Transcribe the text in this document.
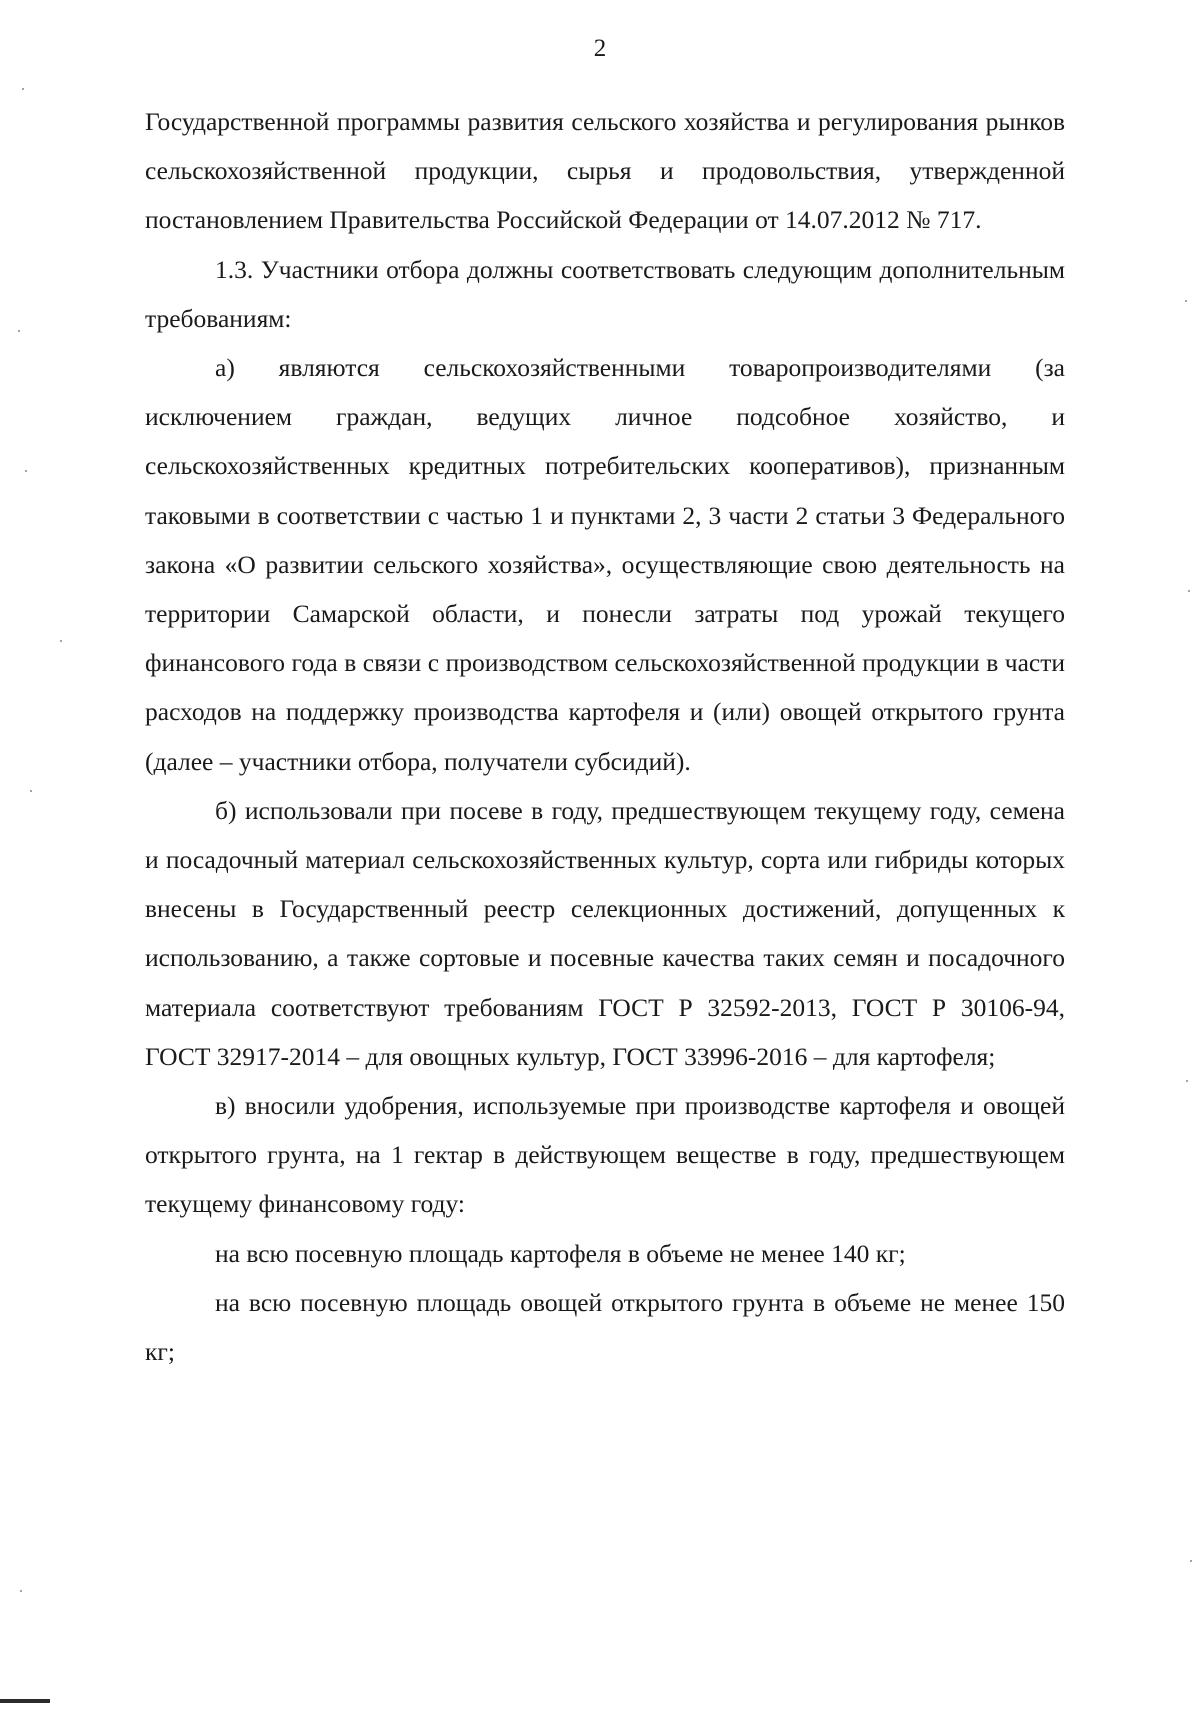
2

Государственной программы развития сельского хозяйства и регулирования рынков сельскохозяйственной продукции, сырья и продовольствия, утвержденной постановлением Правительства Российской Федерации от 14.07.2012 № 717.

1.3. Участники отбора должны соответствовать следующим дополнительным требованиям:

а) являются сельскохозяйственными товаропроизводителями (за исключением граждан, ведущих личное подсобное хозяйство, и сельскохозяйственных кредитных потребительских кооперативов), признанным таковыми в соответствии с частью 1 и пунктами 2, 3 части 2 статьи 3 Федерального закона «О развитии сельского хозяйства», осуществляющие свою деятельность на территории Самарской области, и понесли затраты под урожай текущего финансового года в связи с производством сельскохозяйственной продукции в части расходов на поддержку производства картофеля и (или) овощей открытого грунта (далее – участники отбора, получатели субсидий).

б) использовали при посеве в году, предшествующем текущему году, семена и посадочный материал сельскохозяйственных культур, сорта или гибриды которых внесены в Государственный реестр селекционных достижений, допущенных к использованию, а также сортовые и посевные качества таких семян и посадочного материала соответствуют требованиям ГОСТ Р 32592-2013, ГОСТ Р 30106-94, ГОСТ 32917-2014 – для овощных культур, ГОСТ 33996-2016 – для картофеля;

в) вносили удобрения, используемые при производстве картофеля и овощей открытого грунта, на 1 гектар в действующем веществе в году, предшествующем текущему финансовому году:

на всю посевную площадь картофеля в объеме не менее 140 кг;

на всю посевную площадь овощей открытого грунта в объеме не менее 150 кг;
